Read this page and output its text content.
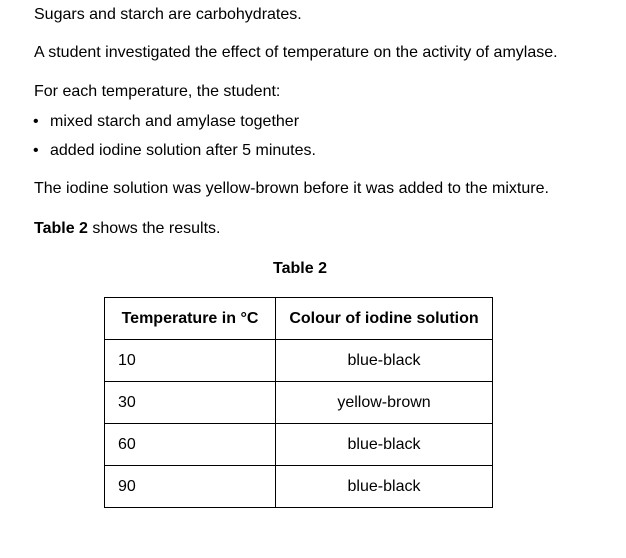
Sugars and starch are carbohydrates.
A student investigated the effect of temperature on the activity of amylase.
For each temperature, the student:
• mixed starch and amylase together
• added iodine solution after 5 minutes.
The iodine solution was yellow-brown before it was added to the mixture.
Table 2 shows the results.
Table 2
Temperature in °C	Colour of iodine solution
10	blue-black
30	yellow-brown
60	blue-black
90	blue-black
